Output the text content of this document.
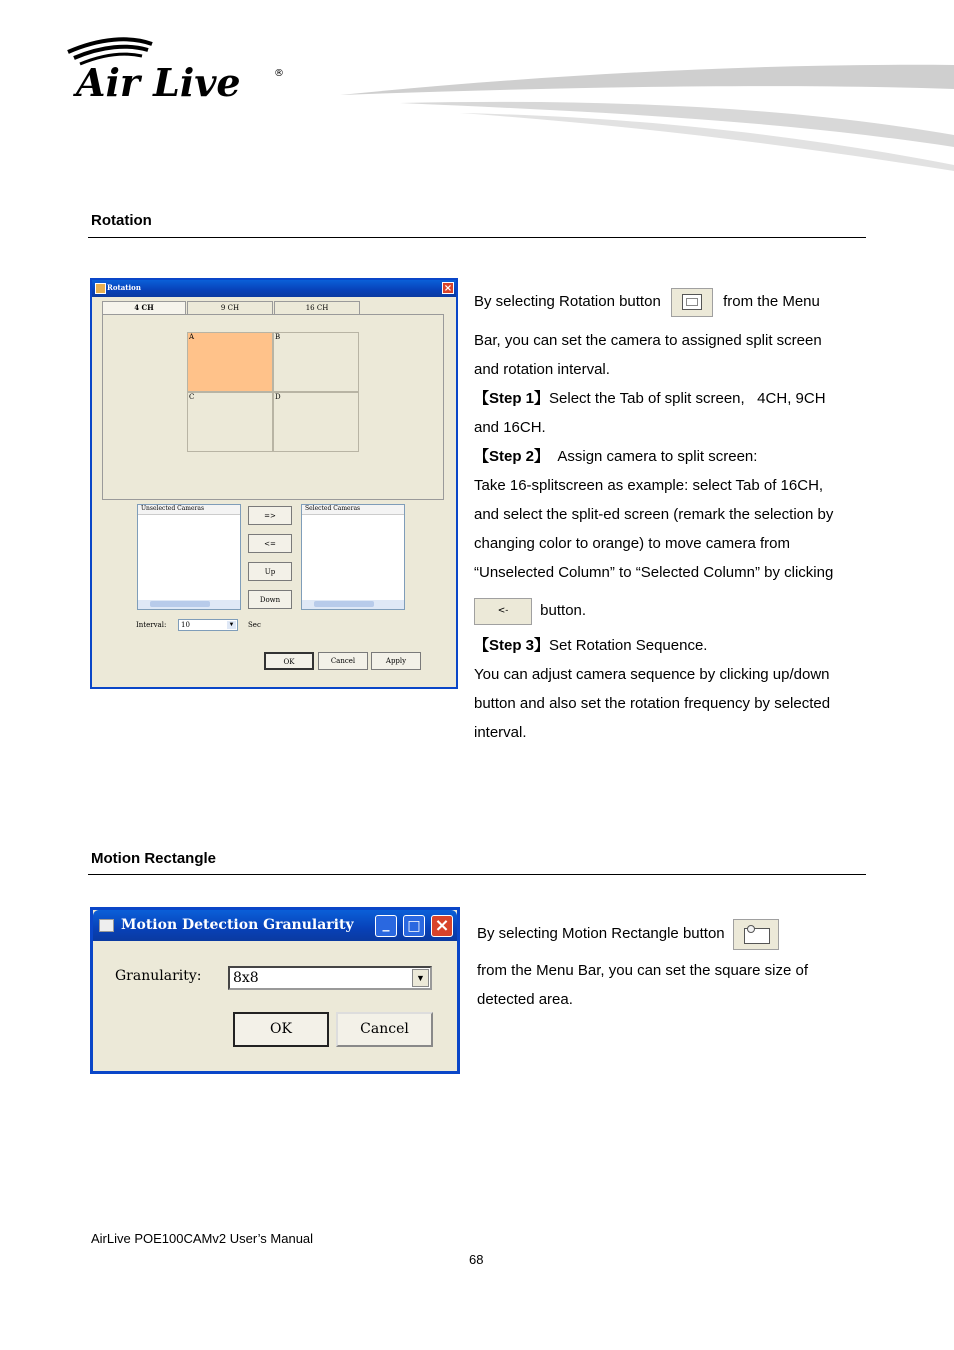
Air Live	®
Rotation
Rotation	×
4 CH	9 CH	16 CH
A	B
C	D
Unselected Cameras	Selected Cameras
=>
<=
Up
Down
Interval: 10	▼ Sec
OK	Cancel	Apply

By selecting Rotation button	from the Menu

Bar, you can set the camera to assigned split screen

and rotation interval.

【Step 1】Select the Tab of split screen,   4CH, 9CH

and 16CH.

【Step 2】  Assign camera to split screen:

Take 16-splitscreen as example: select Tab of 16CH,

and select the split-ed screen (remark the selection by

changing color to orange) to move camera from

“Unselected Column” to “Selected Column” by clicking

<- button.

【Step 3】Set Rotation Sequence.

You can adjust camera sequence by clicking up/down

button and also set the rotation frequency by selected

interval.

Motion Rectangle
Motion Detection Granularity	_	□ ×
Granularity: 8x8	▼
OK	Cancel

By selecting Motion Rectangle button

from the Menu Bar, you can set the square size of

detected area.

AirLive POE100CAMv2 User’s Manual
68
